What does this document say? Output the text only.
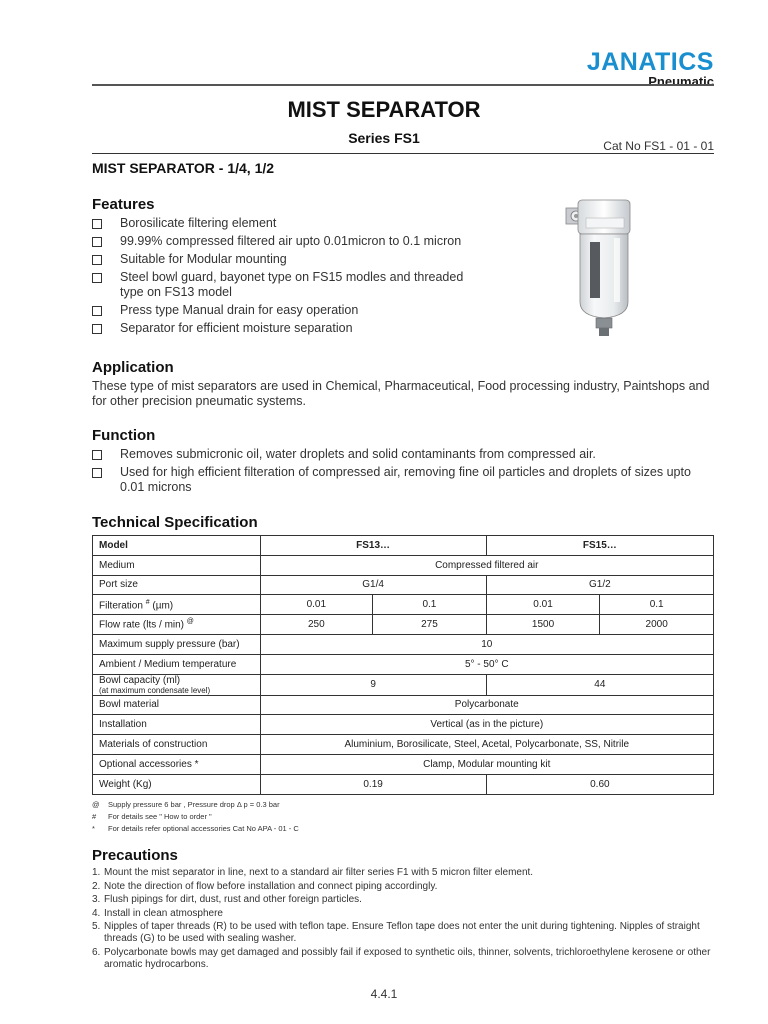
JANATICS
Pneumatic
MIST SEPARATOR
Series FS1	Cat No FS1 - 01 - 01
MIST SEPARATOR - 1/4, 1/2
Features
Borosilicate filtering element
99.99% compressed filtered air upto 0.01micron to 0.1 micron
Suitable for Modular mounting
Steel bowl guard, bayonet type on FS15 modles and threaded type on FS13 model
Press type Manual drain for easy operation
Separator for efficient moisture separation
Application
These type of mist separators are used in Chemical, Pharmaceutical, Food processing industry, Paintshops and for other precision pneumatic systems.
Function
Removes submicronic oil, water droplets and solid contaminants from compressed air.
Used for high efficient filteration of compressed air, removing fine oil particles and droplets of sizes upto 0.01 microns
Technical Specification
Model	FS13…		FS15…	
Medium	Compressed filtered air			
Port size	G1/4		G1/2	
Filteration # (µm)	0.01	0.1	0.01	0.1
Flow rate (lts / min) @	250	275	1500	2000
Maximum supply pressure (bar)	10			
Ambient / Medium temperature	5° - 50° C			
Bowl capacity (ml)
(at maximum condensate level)	9		44	
Bowl material	Polycarbonate			
Installation	Vertical (as in the picture)			
Materials of construction	Aluminium, Borosilicate, Steel, Acetal, Polycarbonate, SS, Nitrile			
Optional accessories *	Clamp, Modular mounting kit			
Weight (Kg)	0.19		0.60	
@ Supply pressure 6 bar , Pressure drop Δ p = 0.3 bar
# For details see " How to order "
* For details refer optional accessories Cat No APA - 01 - C
Precautions
1. Mount the mist separator in line, next to a standard air filter series F1 with 5 micron filter element.
2. Note the direction of flow before installation and connect piping accordingly.
3. Flush pipings for dirt, dust, rust and other foreign particles.
4. Install in clean atmosphere
5. Nipples of taper threads (R) to be used with teflon tape. Ensure Teflon tape does not enter the unit during tightening. Nipples of straight threads (G) to be used with sealing washer.
6. Polycarbonate bowls may get damaged and possibly fail if exposed to synthetic oils, thinner, solvents, trichloroethylene kerosene or other aromatic hydrocarbons.
4.4.1
